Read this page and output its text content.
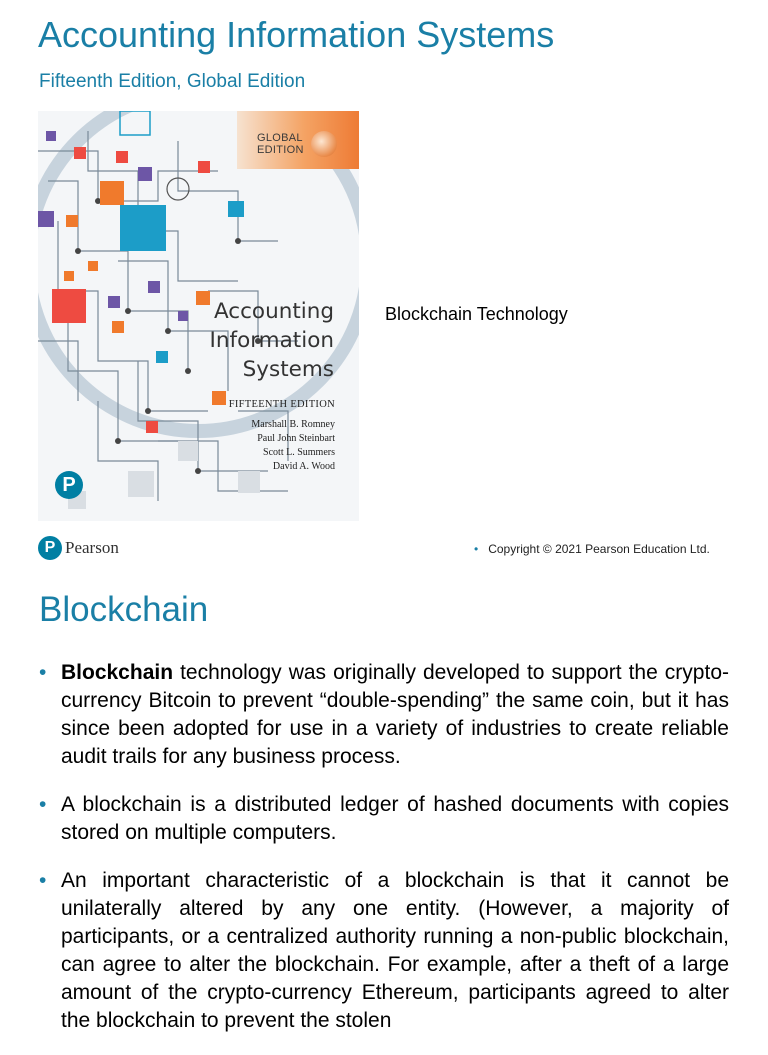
Accounting Information Systems
Fifteenth Edition, Global Edition
GLOBAL
EDITION
Accounting
Information
Systems
FIFTEENTH EDITION
Marshall B. Romney
Paul John Steinbart
Scott L. Summers
David A. Wood
P
Blockchain Technology
P Pearson	• Copyright © 2021 Pearson Education Ltd.
Blockchain
• Blockchain technology was originally developed to support the crypto-currency Bitcoin to prevent “double-spending” the same coin, but it has since been adopted for use in a variety of industries to create reliable audit trails for any business process.
• A blockchain is a distributed ledger of hashed documents with copies stored on multiple computers.
• An important characteristic of a blockchain is that it cannot be unilaterally altered by any one entity. (However, a majority of participants, or a centralized authority running a non-public blockchain, can agree to alter the blockchain. For example, after a theft of a large amount of the crypto-currency Ethereum, participants agreed to alter the blockchain to prevent the stolen
